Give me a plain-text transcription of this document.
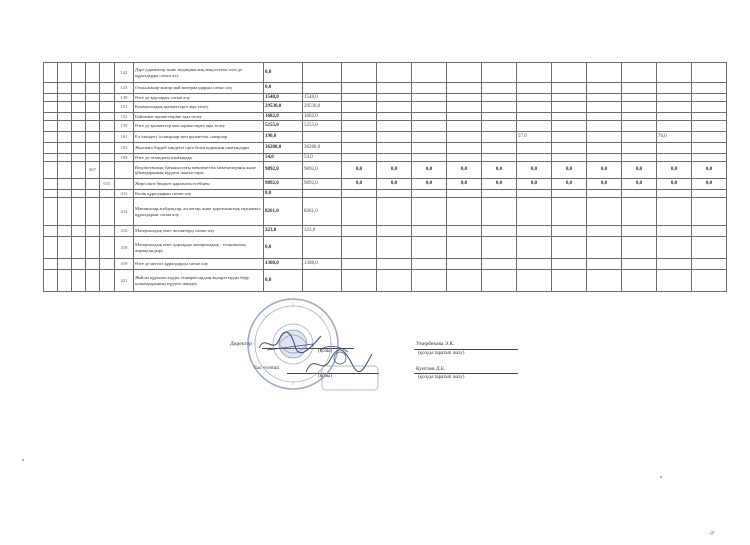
					142	Дәрі-дәрмектер және медициналық мақсаттағы өзге де құралдарды сатып алу	0,0												
					143	Отын,жанар-жағар май материалдарын сатып алу	0,0												
					149	Өзге де қорларды сатып алу	1548,0	1548,0											
					151	Коммуналдық қызметтерге ақы төлеу	29530,0	29530,0											
					152	Байланыс қызметтеріне ақы төлеу	1682,0	1682,0											
					159	Өзге де қызметтер мен жұмыстарға ақы төлеу	5255,0	5255,0											
					161	Ел ішіндегі іссапарлар мен қызметтік сапарлар	190,0							57,0				76,0	
					163	Жалпыға бірдей міндетті орта білім қорының шығындары	36288,0	36288,0											
					169	Өзге де ағымдағы шығындар	54,0	54,0											
			067			Ведомстволық бағыныстағы мемлекеттік мекемелерінің және ұйымдарының күрделі шығыстары	9892,0	9892,0	0,0	0,0	0,0	0,0	0,0	0,0	0,0	0,0	0,0	0,0	0,0
				015		Жергілікті бюджет қаражаты есебінен	9892,0	9892,0	0,0	0,0	0,0	0,0	0,0	0,0	0,0	0,0	0,0	0,0	0,0
					413	Көлік құралдарын сатып алу	0,0												
					414	Машиналар,жабдықтар, аспаптар және қорғаныштық мүкәммал құралдарын сатып алу	8261,0	8261,0											
					416	Материалдық емес активтерді сатып алу	323,0	323,0											
					418	Материалдық емес қорларды материалдық - техникалық жарақтандыру	0,0												
					419	Өзге де негізгі құралдарды сатып алу	1308,0	1308,0											
					421	Жайлы құрылыстарды, ғимараттардың ақпараттарды беру, қонымдарының күрделі жөндеу	0,0												
Директор
(қолы)
Умирбекова Э.К.
(қолды таратып жазу)
Бас есепші
(қолы)
Кунтаев Д.Е.
(қолды таратып жазу)
-P
